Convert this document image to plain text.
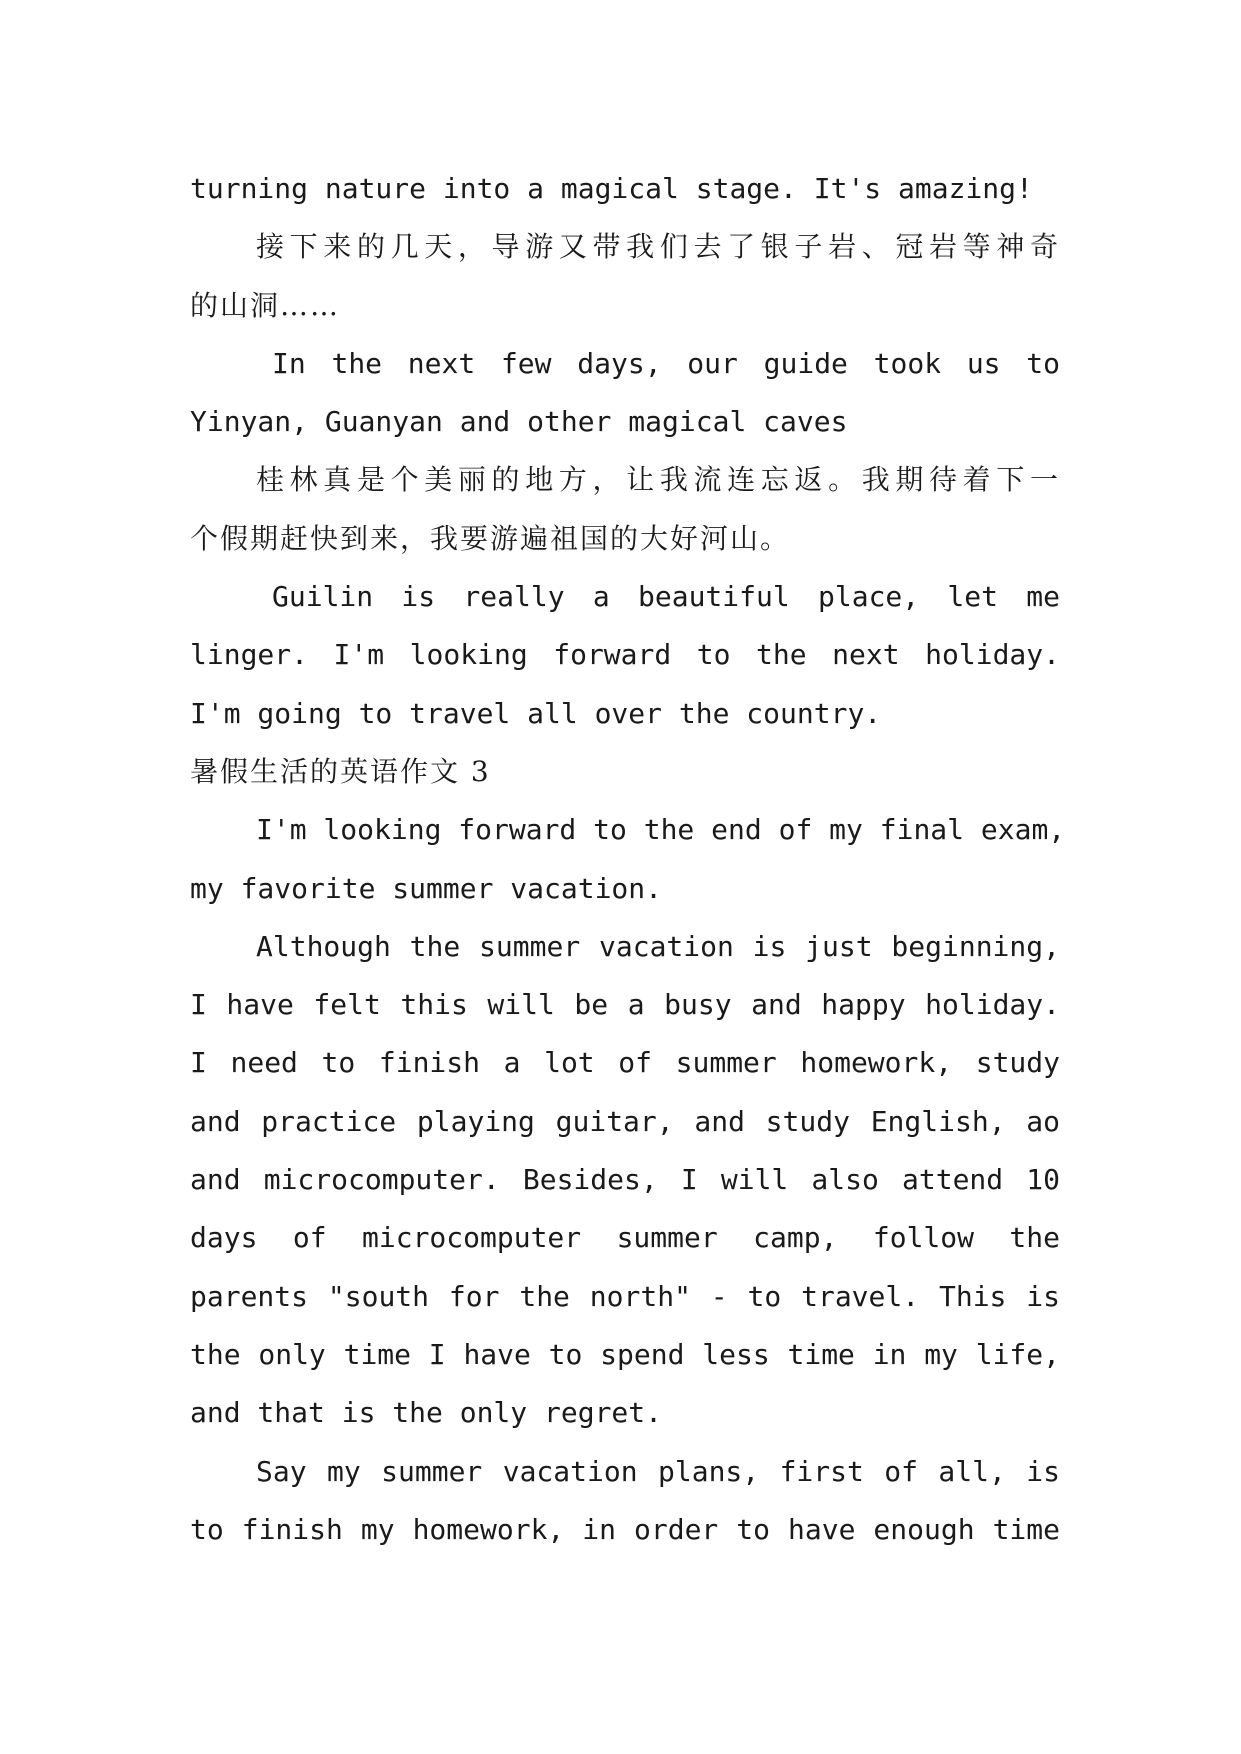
turning nature into a magical stage. It's amazing!
接下来的几天，导游又带我们去了银子岩、冠岩等神奇
的山洞……
In the next few days, our guide took us to
Yinyan, Guanyan and other magical caves
桂林真是个美丽的地方，让我流连忘返。我期待着下一
个假期赶快到来，我要游遍祖国的大好河山。
Guilin is really a beautiful place, let me
linger. I'm looking forward to the next holiday.
I'm going to travel all over the country.
暑假生活的英语作文 3
I'm looking forward to the end of my final exam,
my favorite summer vacation.
Although the summer vacation is just beginning,
I have felt this will be a busy and happy holiday.
I need to finish a lot of summer homework, study
and practice playing guitar, and study English, ao
and microcomputer. Besides, I will also attend 10
days of microcomputer summer camp, follow the
parents "south for the north" - to travel. This is
the only time I have to spend less time in my life,
and that is the only regret.
Say my summer vacation plans, first of all, is
to finish my homework, in order to have enough time
